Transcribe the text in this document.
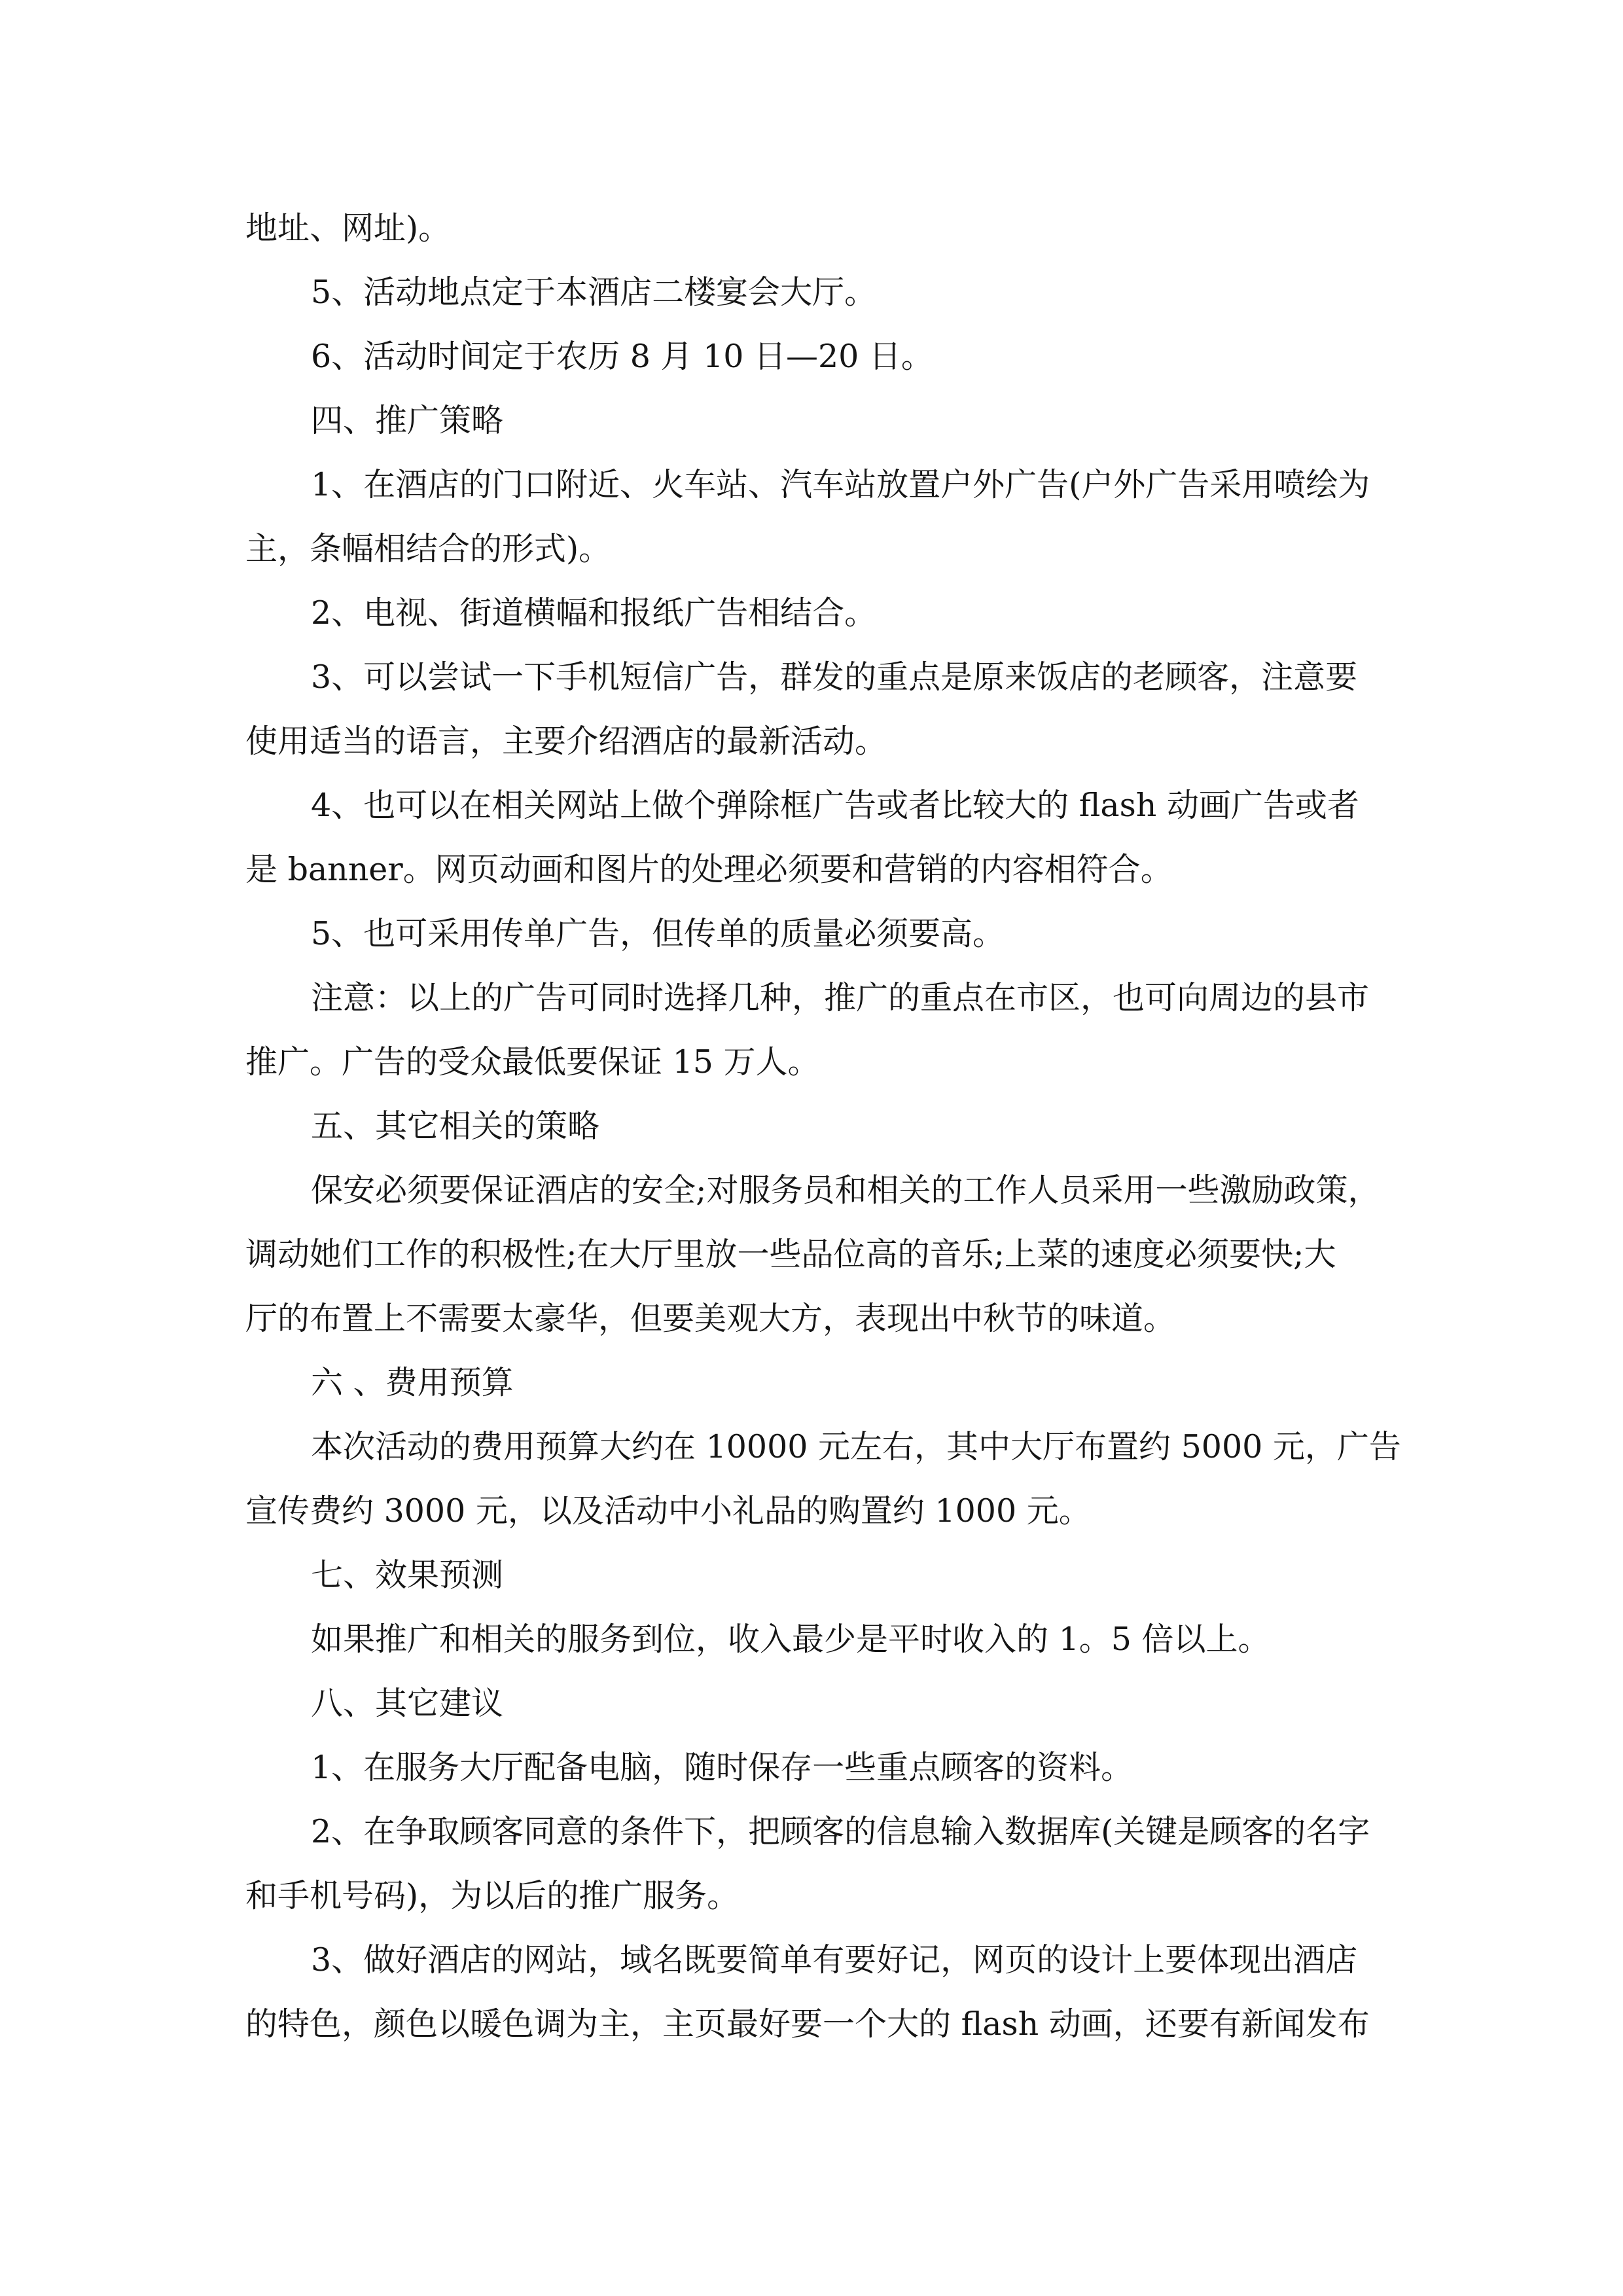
地址、网址)。
5、活动地点定于本酒店二楼宴会大厅。
6、活动时间定于农历 8 月 10 日—20 日。
四、推广策略
1、在酒店的门口附近、火车站、汽车站放置户外广告(户外广告采用喷绘为
主，条幅相结合的形式)。
2、电视、街道横幅和报纸广告相结合。
3、可以尝试一下手机短信广告，群发的重点是原来饭店的老顾客，注意要
使用适当的语言，主要介绍酒店的最新活动。
4、也可以在相关网站上做个弹除框广告或者比较大的 flash 动画广告或者
是 banner。网页动画和图片的处理必须要和营销的内容相符合。
5、也可采用传单广告，但传单的质量必须要高。
注意：以上的广告可同时选择几种，推广的重点在市区，也可向周边的县市
推广。广告的受众最低要保证 15 万人。
五、其它相关的策略
保安必须要保证酒店的安全;对服务员和相关的工作人员采用一些激励政策，
调动她们工作的积极性;在大厅里放一些品位高的音乐;上菜的速度必须要快;大
厅的布置上不需要太豪华，但要美观大方，表现出中秋节的味道。
六 、费用预算
本次活动的费用预算大约在 10000 元左右，其中大厅布置约 5000 元，广告
宣传费约 3000 元，以及活动中小礼品的购置约 1000 元。
七、效果预测
如果推广和相关的服务到位，收入最少是平时收入的 1。5 倍以上。
八、其它建议
1、在服务大厅配备电脑，随时保存一些重点顾客的资料。
2、在争取顾客同意的条件下，把顾客的信息输入数据库(关键是顾客的名字
和手机号码)，为以后的推广服务。
3、做好酒店的网站，域名既要简单有要好记，网页的设计上要体现出酒店
的特色，颜色以暖色调为主，主页最好要一个大的 flash 动画，还要有新闻发布
